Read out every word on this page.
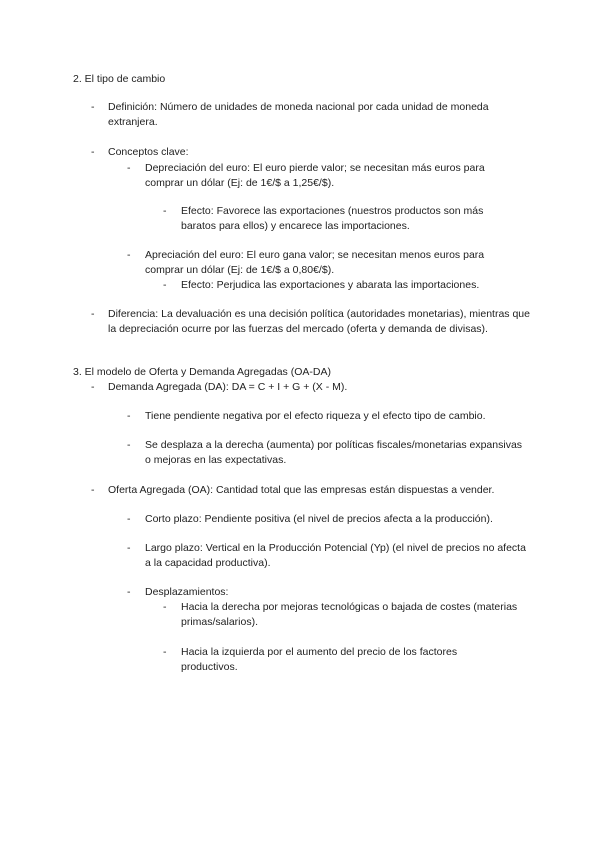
2. El tipo de cambio
- Definición: Número de unidades de moneda nacional por cada unidad de moneda extranjera.
- Conceptos clave:
- Depreciación del euro: El euro pierde valor; se necesitan más euros para comprar un dólar (Ej: de 1€/$ a 1,25€/$).
- Efecto: Favorece las exportaciones (nuestros productos son más baratos para ellos) y encarece las importaciones.
- Apreciación del euro: El euro gana valor; se necesitan menos euros para comprar un dólar (Ej: de 1€/$ a 0,80€/$).
- Efecto: Perjudica las exportaciones y abarata las importaciones.
- Diferencia: La devaluación es una decisión política (autoridades monetarias), mientras que la depreciación ocurre por las fuerzas del mercado (oferta y demanda de divisas).
3. El modelo de Oferta y Demanda Agregadas (OA-DA)
- Demanda Agregada (DA): DA = C + I + G + (X - M).
- Tiene pendiente negativa por el efecto riqueza y el efecto tipo de cambio.
- Se desplaza a la derecha (aumenta) por políticas fiscales/monetarias expansivas o mejoras en las expectativas.
- Oferta Agregada (OA): Cantidad total que las empresas están dispuestas a vender.
- Corto plazo: Pendiente positiva (el nivel de precios afecta a la producción).
- Largo plazo: Vertical en la Producción Potencial (Yp) (el nivel de precios no afecta a la capacidad productiva).
- Desplazamientos:
- Hacia la derecha por mejoras tecnológicas o bajada de costes (materias primas/salarios).
- Hacia la izquierda por el aumento del precio de los factores productivos.
